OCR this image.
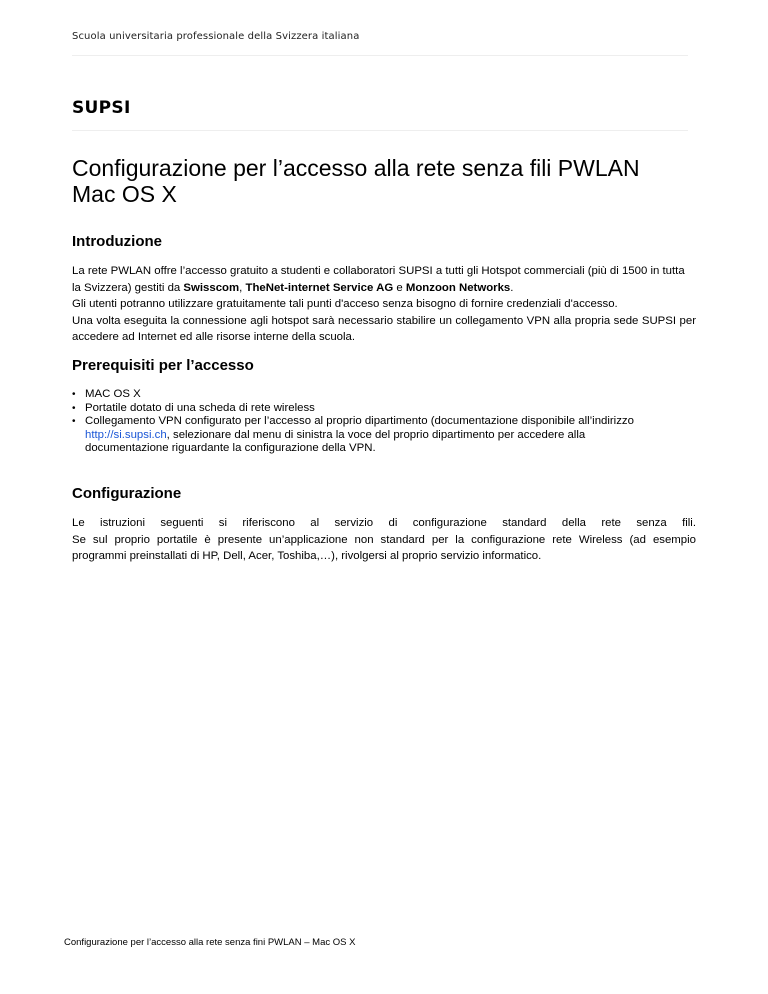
Scuola universitaria professionale della Svizzera italiana
SUPSI
Configurazione per l’accesso alla rete senza fili PWLAN
Mac OS X
Introduzione

La rete PWLAN offre l’accesso gratuito a studenti e collaboratori SUPSI a tutti gli Hotspot commerciali (più di 1500 in tutta la Svizzera) gestiti da Swisscom, TheNet-internet Service AG e Monzoon Networks.

Gli utenti potranno utilizzare gratuitamente tali punti d'acceso senza bisogno di fornire credenziali d'accesso.

Una volta eseguita la connessione agli hotspot sarà necessario stabilire un collegamento VPN alla propria sede SUPSI per accedere ad Internet ed alle risorse interne della scuola.

Prerequisiti per l’accesso
• MAC OS X
• Portatile dotato di una scheda di rete wireless
• Collegamento VPN configurato per l’accesso al proprio dipartimento (documentazione disponibile all’indirizzo http://si.supsi.ch, selezionare dal menu di sinistra la voce del proprio dipartimento per accedere alla documentazione riguardante la configurazione della VPN.
Configurazione

Le istruzioni seguenti si riferiscono al servizio di configurazione standard della rete senza fili.

Se sul proprio portatile è presente un’applicazione non standard per la configurazione rete Wireless (ad esempio programmi preinstallati di HP, Dell, Acer, Toshiba,…), rivolgersi al proprio servizio informatico.

Configurazione per l’accesso alla rete senza fini PWLAN – Mac OS X
